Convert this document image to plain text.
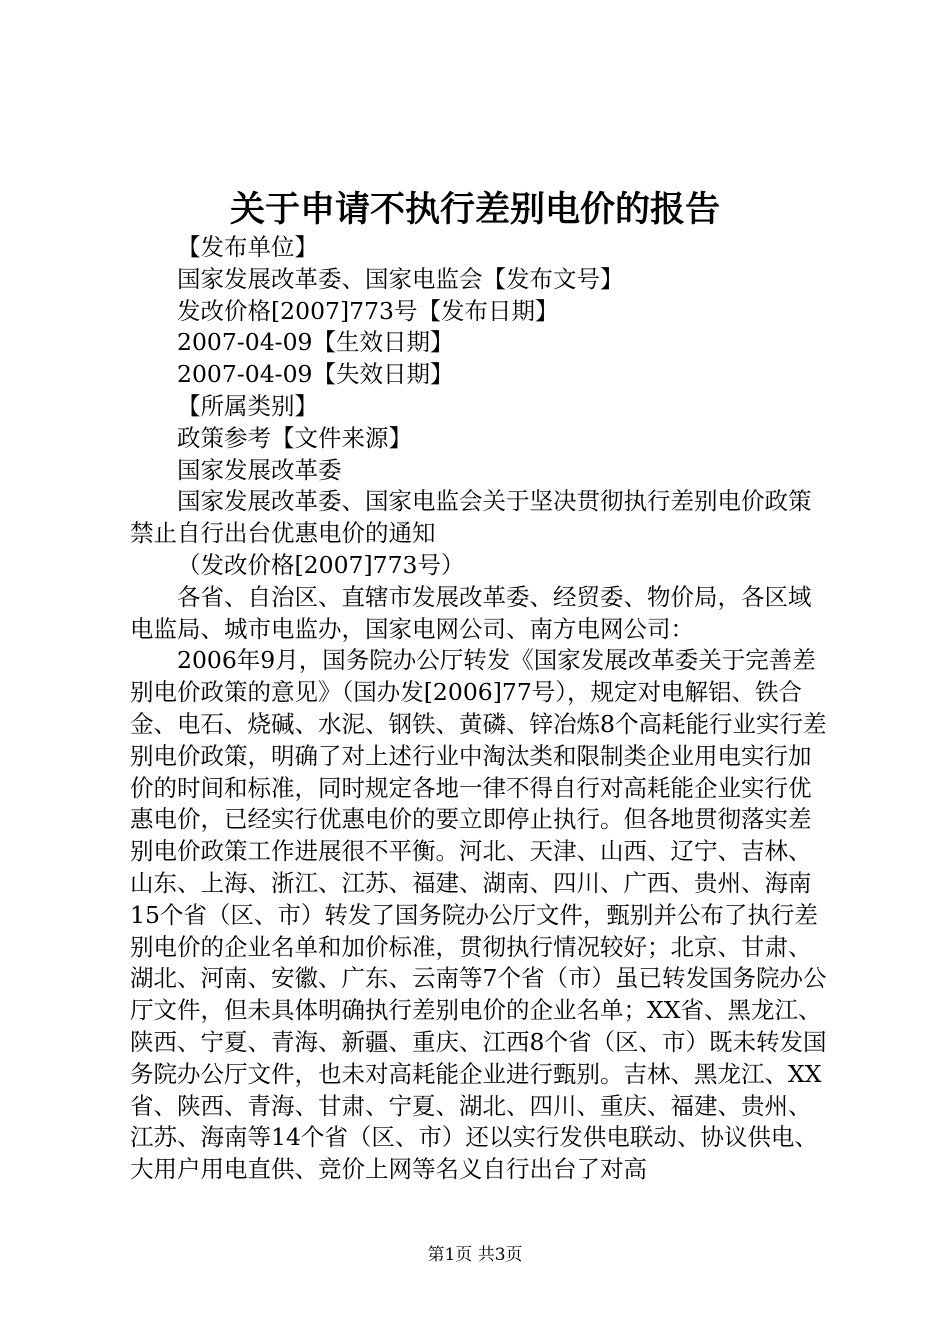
关于申请不执行差别电价的报告

【发布单位】

国家发展改革委、国家电监会【发布文号】

发改价格[2007]773号【发布日期】

2007-04-09【生效日期】

2007-04-09【失效日期】

【所属类别】

政策参考【文件来源】

国家发展改革委

国家发展改革委、国家电监会关于坚决贯彻执行差别电价政策禁止自行出台优惠电价的通知

（发改价格[2007]773号）

各省、自治区、直辖市发展改革委、经贸委、物价局，各区域电监局、城市电监办，国家电网公司、南方电网公司：

2006年9月，国务院办公厅转发《国家发展改革委关于完善差别电价政策的意见》（国办发[2006]77号），规定对电解铝、铁合金、电石、烧碱、水泥、钢铁、黄磷、锌冶炼8个高耗能行业实行差别电价政策，明确了对上述行业中淘汰类和限制类企业用电实行加价的时间和标准，同时规定各地一律不得自行对高耗能企业实行优惠电价，已经实行优惠电价的要立即停止执行。但各地贯彻落实差别电价政策工作进展很不平衡。河北、天津、山西、辽宁、吉林、山东、上海、浙江、江苏、福建、湖南、四川、广西、贵州、海南15个省（区、市）转发了国务院办公厅文件，甄别并公布了执行差别电价的企业名单和加价标准，贯彻执行情况较好；北京、甘肃、湖北、河南、安徽、广东、云南等7个省（市）虽已转发国务院办公厅文件，但未具体明确执行差别电价的企业名单；XX省、黑龙江、陕西、宁夏、青海、新疆、重庆、江西8个省（区、市）既未转发国务院办公厅文件，也未对高耗能企业进行甄别。吉林、黑龙江、XX省、陕西、青海、甘肃、宁夏、湖北、四川、重庆、福建、贵州、江苏、海南等14个省（区、市）还以实行发供电联动、协议供电、大用户用电直供、竞价上网等名义自行出台了对高

第1页 共3页
